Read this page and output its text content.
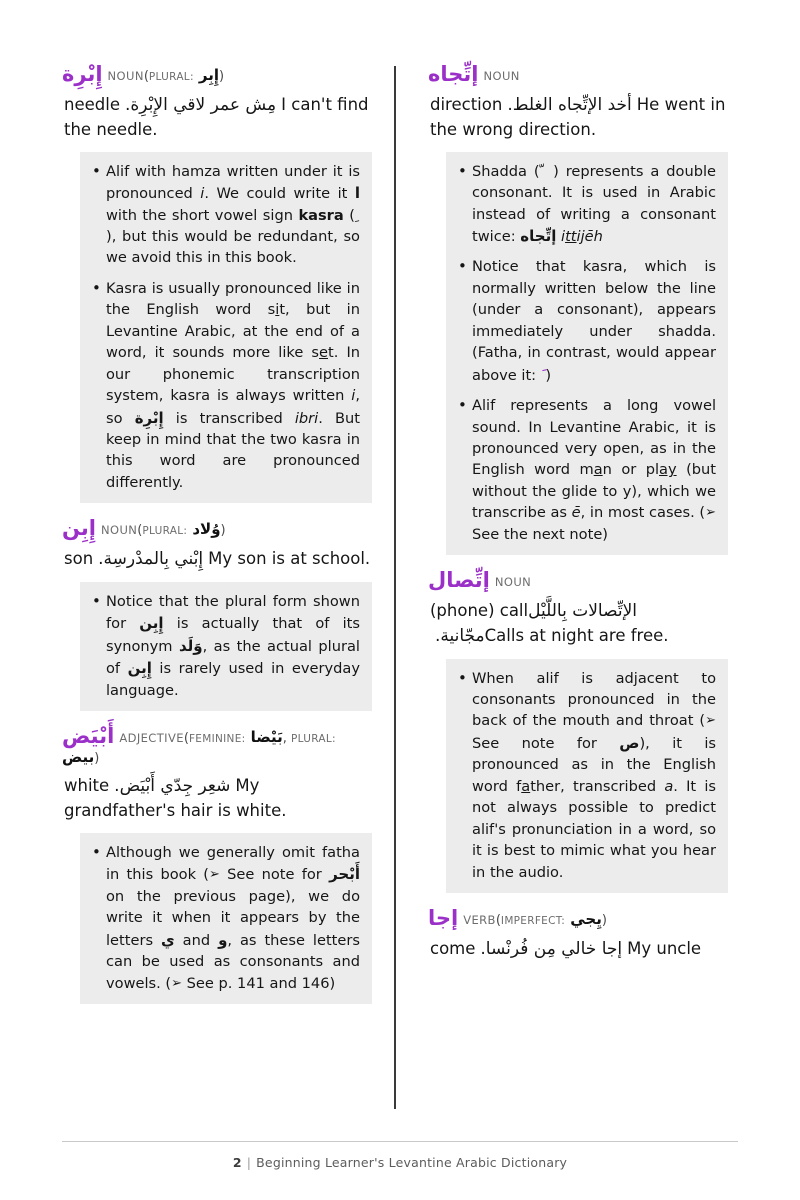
إِبْرِة NOUN(PLURAL: إِبِر)
needle مِش عمر لاقي الإِبْرِة. I can't find the needle.
• Alif with hamza written under it is pronounced i. We could write it ا with the short vowel sign kasra ( ِ ), but this would be redundant, so we avoid this in this book.
• Kasra is usually pronounced like in the English word sit, but in Levantine Arabic, at the end of a word, it sounds more like set. In our phonemic transcription system, kasra is always written i, so إِبْرِة is transcribed ibri. But keep in mind that the two kasra in this word are pronounced differently.
إِبِن NOUN(PLURAL: وُلاد)
son إِبْني بِالمدْرسِة. My son is at school.
• Notice that the plural form shown for إِبِن is actually that of its synonym وَلَد, as the actual plural of إِبِن is rarely used in everyday language.
أَبْيَض ADJECTIVE(FEMININE: بَيْضا, PLURAL: بيض)
white شعِر جِدّي أَبْيَض. My grandfather's hair is white.
• Although we generally omit fatha in this book (➢ See note for أَبْحر on the previous page), we do write it when it appears by the letters ي and و, as these letters can be used as consonants and vowels. (➢ See p. 141 and 146)
إتِّجاه NOUN
direction أخد الإتِّجاه الغلط. He went in the wrong direction.
• Shadda ( ّ ) represents a double consonant. It is used in Arabic instead of writing a consonant twice: إتِّجاه ittijēh
• Notice that kasra, which is normally written below the line (under a consonant), appears immediately under shadda. (Fatha, in contrast, would appear above it: )
• Alif represents a long vowel sound. In Levantine Arabic, it is pronounced very open, as in the English word man or play (but without the glide to y), which we transcribe as ē, in most cases. (➢ See the next note)
إتِّصال NOUN
(phone) callالإتِّصالات بِاللَّيْل مجّانية.Calls at night are free.
• When alif is adjacent to consonants pronounced in the back of the mouth and throat (➢ See note for ص), it is pronounced as in the English word father, transcribed a. It is not always possible to predict alif's pronunciation in a word, so it is best to mimic what you hear in the audio.
إجا VERB(IMPERFECT: يِجي)
come إجا خالي مِن فُرنْسا. My uncle
2 | Beginning Learner's Levantine Arabic Dictionary
